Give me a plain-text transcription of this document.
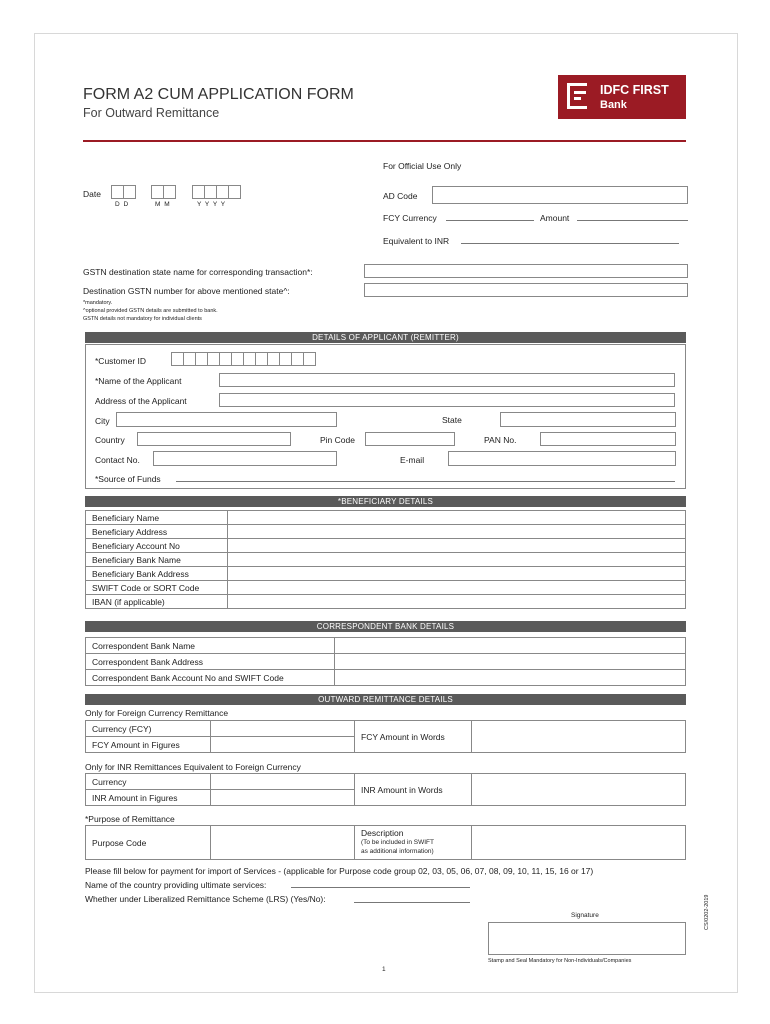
FORM A2 CUM APPLICATION FORM
For Outward Remittance
IDFC FIRST
Bank
For Official Use Only
AD Code
FCY Currency	Amount
Equivalent to INR
Date
D D	M M	Y Y Y Y
GSTN destination state name for corresponding transaction*:
Destination GSTN number for above mentioned state^:
*mandatory.
^optional provided GSTN details are submitted to bank.
GSTN details not mandatory for individual clients
DETAILS OF APPLICANT (REMITTER)
*Customer ID
*Name of the Applicant
Address of the Applicant
City	State
Country	Pin Code	PAN No.
Contact No.	E-mail
*Source of Funds
*BENEFICIARY DETAILS
Beneficiary Name	
Beneficiary Address	
Beneficiary Account No	
Beneficiary Bank Name	
Beneficiary Bank Address	
SWIFT Code or SORT Code	
IBAN (if applicable)	
CORRESPONDENT BANK DETAILS
Correspondent Bank Name	
Correspondent Bank Address	
Correspondent Bank Account No and SWIFT Code	
OUTWARD REMITTANCE DETAILS
Only for Foreign Currency Remittance
Currency (FCY)		FCY Amount in Words	
FCY Amount in Figures			
Only for INR Remittances Equivalent to Foreign Currency
Currency		INR Amount in Words	
INR Amount in Figures			
*Purpose of Remittance
Purpose Code		
Description
(To be included in SWIFT
as additional information)

Please fill below for payment for import of Services - (applicable for Purpose code group 02, 03, 05, 06, 07, 08, 09, 10, 11, 15, 16 or 17)
Name of the country providing ultimate services:
Whether under Liberalized Remittance Scheme (LRS) (Yes/No):
Signature
Stamp and Seal Mandatory for Non-Individuals/Companies
1
CS/0202-2019
